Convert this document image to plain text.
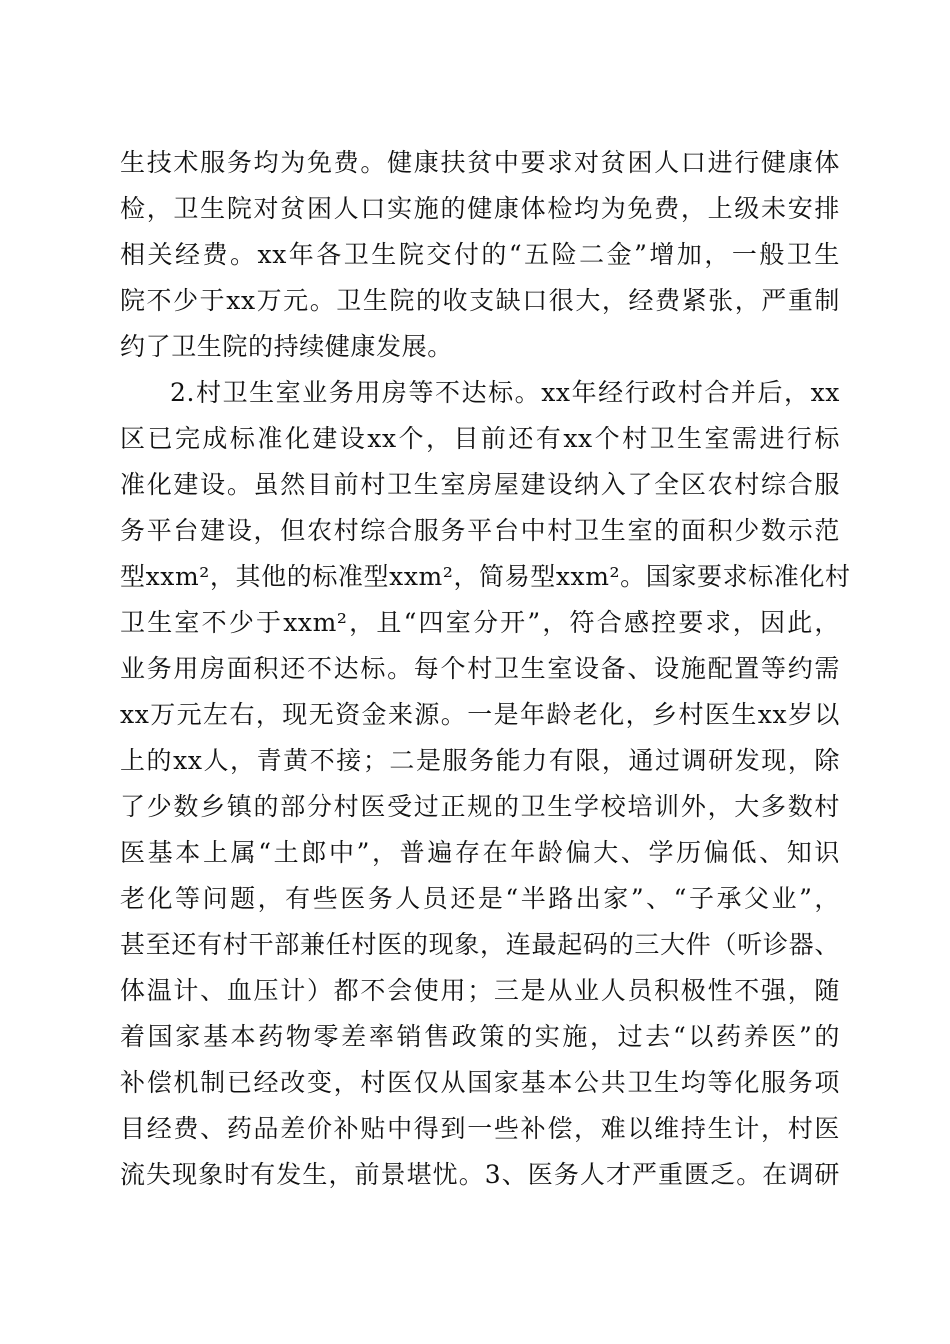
生技术服务均为免费。健康扶贫中要求对贫困人口进行健康体
检，卫生院对贫困人口实施的健康体检均为免费，上级未安排
相关经费。xx年各卫生院交付的“五险二金”增加，一般卫生
院不少于xx万元。卫生院的收支缺口很大，经费紧张，严重制
约了卫生院的持续健康发展。
2.村卫生室业务用房等不达标。xx年经行政村合并后，xx
区已完成标准化建设xx个，目前还有xx个村卫生室需进行标
准化建设。虽然目前村卫生室房屋建设纳入了全区农村综合服
务平台建设，但农村综合服务平台中村卫生室的面积少数示范
型xxm²，其他的标准型xxm²，简易型xxm²。国家要求标准化村
卫生室不少于xxm²，且“四室分开”，符合感控要求，因此，
业务用房面积还不达标。每个村卫生室设备、设施配置等约需
xx万元左右，现无资金来源。一是年龄老化，乡村医生xx岁以
上的xx人，青黄不接；二是服务能力有限，通过调研发现，除
了少数乡镇的部分村医受过正规的卫生学校培训外，大多数村
医基本上属“土郎中”，普遍存在年龄偏大、学历偏低、知识
老化等问题，有些医务人员还是“半路出家”、“子承父业”，
甚至还有村干部兼任村医的现象，连最起码的三大件（听诊器、
体温计、血压计）都不会使用；三是从业人员积极性不强，随
着国家基本药物零差率销售政策的实施，过去“以药养医”的
补偿机制已经改变，村医仅从国家基本公共卫生均等化服务项
目经费、药品差价补贴中得到一些补偿，难以维持生计，村医
流失现象时有发生，前景堪忧。3、医务人才严重匮乏。在调研
